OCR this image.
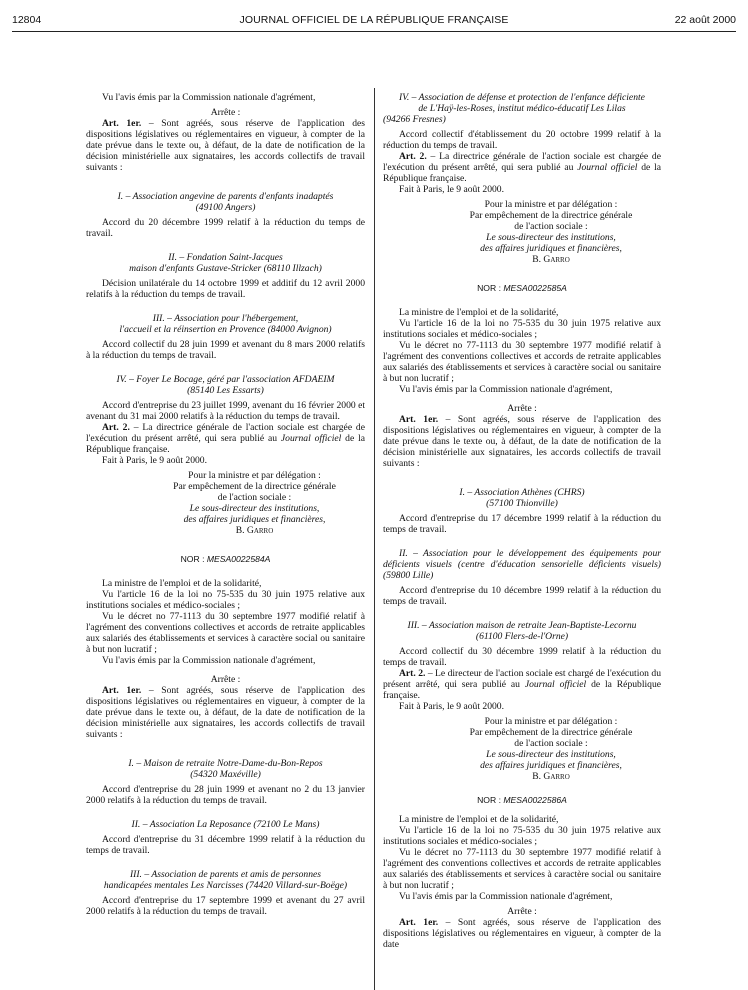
12804	JOURNAL OFFICIEL DE LA RÉPUBLIQUE FRANÇAISE	22 août 2000

Vu l'avis émis par la Commission nationale d'agrément,

Arrête :

Art. 1er. – Sont agréés, sous réserve de l'application des dispositions législatives ou réglementaires en vigueur, à compter de la date prévue dans le texte ou, à défaut, de la date de notification de la décision ministérielle aux signataires, les accords collectifs de travail suivants :

I. – Association angevine de parents d'enfants inadaptés

(49100 Angers)

Accord du 20 décembre 1999 relatif à la réduction du temps de travail.

II. – Fondation Saint-Jacques

maison d'enfants Gustave-Stricker (68110 Illzach)

Décision unilatérale du 14 octobre 1999 et additif du 12 avril 2000 relatifs à la réduction du temps de travail.

III. – Association pour l'hébergement,

l'accueil et la réinsertion en Provence (84000 Avignon)

Accord collectif du 28 juin 1999 et avenant du 8 mars 2000 relatifs à la réduction du temps de travail.

IV. – Foyer Le Bocage, géré par l'association AFDAEIM

(85140 Les Essarts)

Accord d'entreprise du 23 juillet 1999, avenant du 16 février 2000 et avenant du 31 mai 2000 relatifs à la réduction du temps de travail.

Art. 2. – La directrice générale de l'action sociale est chargée de l'exécution du présent arrêté, qui sera publié au Journal officiel de la République française.

Fait à Paris, le 9 août 2000.

Pour la ministre et par délégation :

Par empêchement de la directrice générale

de l'action sociale :

Le sous-directeur des institutions,

des affaires juridiques et financières,

B. Garro

NOR : MESA0022584A

La ministre de l'emploi et de la solidarité,

Vu l'article 16 de la loi no 75-535 du 30 juin 1975 relative aux institutions sociales et médico-sociales ;

Vu le décret no 77-1113 du 30 septembre 1977 modifié relatif à l'agrément des conventions collectives et accords de retraite applicables aux salariés des établissements et services à caractère social ou sanitaire à but non lucratif ;

Vu l'avis émis par la Commission nationale d'agrément,

Arrête :

Art. 1er. – Sont agréés, sous réserve de l'application des dispositions législatives ou réglementaires en vigueur, à compter de la date prévue dans le texte ou, à défaut, de la date de notification de la décision ministérielle aux signataires, les accords collectifs de travail suivants :

I. – Maison de retraite Notre-Dame-du-Bon-Repos

(54320 Maxéville)

Accord d'entreprise du 28 juin 1999 et avenant no 2 du 13 janvier 2000 relatifs à la réduction du temps de travail.

II. – Association La Reposance (72100 Le Mans)

Accord d'entreprise du 31 décembre 1999 relatif à la réduction du temps de travail.

III. – Association de parents et amis de personnes

handicapées mentales Les Narcisses (74420 Villard-sur-Boëge)

Accord d'entreprise du 17 septembre 1999 et avenant du 27 avril 2000 relatifs à la réduction du temps de travail.

IV. – Association de défense et protection de l'enfance déficiente

de L'Haÿ-les-Roses, institut médico-éducatif Les Lilas

(94266 Fresnes)

Accord collectif d'établissement du 20 octobre 1999 relatif à la réduction du temps de travail.

Art. 2. – La directrice générale de l'action sociale est chargée de l'exécution du présent arrêté, qui sera publié au Journal officiel de la République française.

Fait à Paris, le 9 août 2000.

Pour la ministre et par délégation :

Par empêchement de la directrice générale

de l'action sociale :

Le sous-directeur des institutions,

des affaires juridiques et financières,

B. Garro

NOR : MESA0022585A

La ministre de l'emploi et de la solidarité,

Vu l'article 16 de la loi no 75-535 du 30 juin 1975 relative aux institutions sociales et médico-sociales ;

Vu le décret no 77-1113 du 30 septembre 1977 modifié relatif à l'agrément des conventions collectives et accords de retraite applicables aux salariés des établissements et services à caractère social ou sanitaire à but non lucratif ;

Vu l'avis émis par la Commission nationale d'agrément,

Arrête :

Art. 1er. – Sont agréés, sous réserve de l'application des dispositions législatives ou réglementaires en vigueur, à compter de la date prévue dans le texte ou, à défaut, de la date de notification de la décision ministérielle aux signataires, les accords collectifs de travail suivants :

I. – Association Athènes (CHRS)

(57100 Thionville)

Accord d'entreprise du 17 décembre 1999 relatif à la réduction du temps de travail.

II. – Association pour le développement des équipements pour déficients visuels (centre d'éducation sensorielle déficients visuels) (59800 Lille)

Accord d'entreprise du 10 décembre 1999 relatif à la réduction du temps de travail.

III. – Association maison de retraite Jean-Baptiste-Lecornu

(61100 Flers-de-l'Orne)

Accord collectif du 30 décembre 1999 relatif à la réduction du temps de travail.

Art. 2. – Le directeur de l'action sociale est chargé de l'exécution du présent arrêté, qui sera publié au Journal officiel de la République française.

Fait à Paris, le 9 août 2000.

Pour la ministre et par délégation :

Par empêchement de la directrice générale

de l'action sociale :

Le sous-directeur des institutions,

des affaires juridiques et financières,

B. Garro

NOR : MESA0022586A

La ministre de l'emploi et de la solidarité,

Vu l'article 16 de la loi no 75-535 du 30 juin 1975 relative aux institutions sociales et médico-sociales ;

Vu le décret no 77-1113 du 30 septembre 1977 modifié relatif à l'agrément des conventions collectives et accords de retraite applicables aux salariés des établissements et services à caractère social ou sanitaire à but non lucratif ;

Vu l'avis émis par la Commission nationale d'agrément,

Arrête :

Art. 1er. – Sont agréés, sous réserve de l'application des dispositions législatives ou réglementaires en vigueur, à compter de la date
